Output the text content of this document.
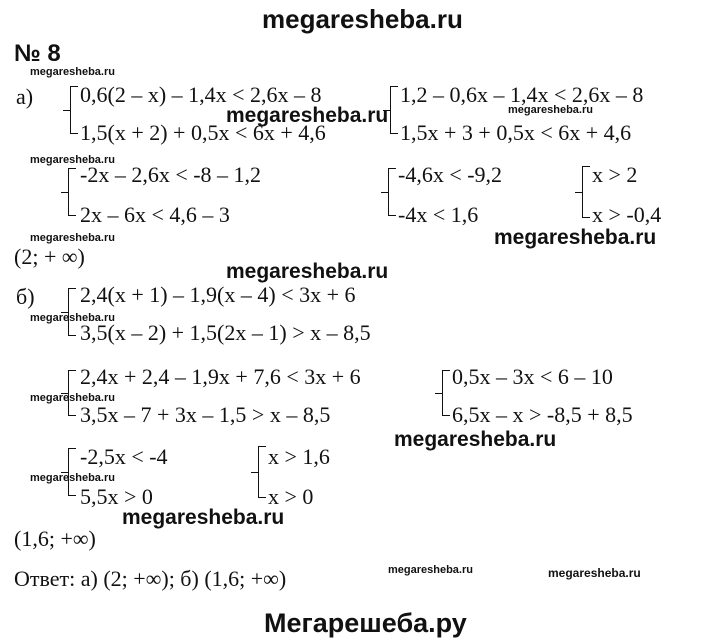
megaresheba.ru
№ 8
megaresheba.ru
megaresheba.ru
megaresheba.ru
megaresheba.ru
megaresheba.ru
megaresheba.ru
megaresheba.ru
megaresheba.ru	megaresheba.ru
megaresheba.ru
megaresheba.ru
megaresheba.ru
megaresheba.ru
megaresheba.ru
а) 0,6(2 – x) – 1,4x < 2,6x – 8
1,5(x + 2) + 0,5x < 6x + 4,6
1,2 – 0,6x – 1,4x < 2,6x – 8
1,5x + 3 + 0,5x < 6x + 4,6
-2x – 2,6x < -8 – 1,2
2x – 6x < 4,6 – 3
-4,6x < -9,2
-4x < 1,6
x > 2
x > -0,4
(2; + ∞)
б) 2,4(x + 1) – 1,9(x – 4) < 3x + 6
3,5(x – 2) + 1,5(2x – 1) > x – 8,5
2,4x + 2,4 – 1,9x + 7,6 < 3x + 6
3,5x – 7 + 3x – 1,5 > x – 8,5
0,5x – 3x < 6 – 10
6,5x – x > -8,5 + 8,5
-2,5x < -4
5,5x > 0
x > 1,6
x > 0
(1,6; +∞)
Ответ: а) (2; +∞); б) (1,6; +∞)
Мегарешеба.ру
